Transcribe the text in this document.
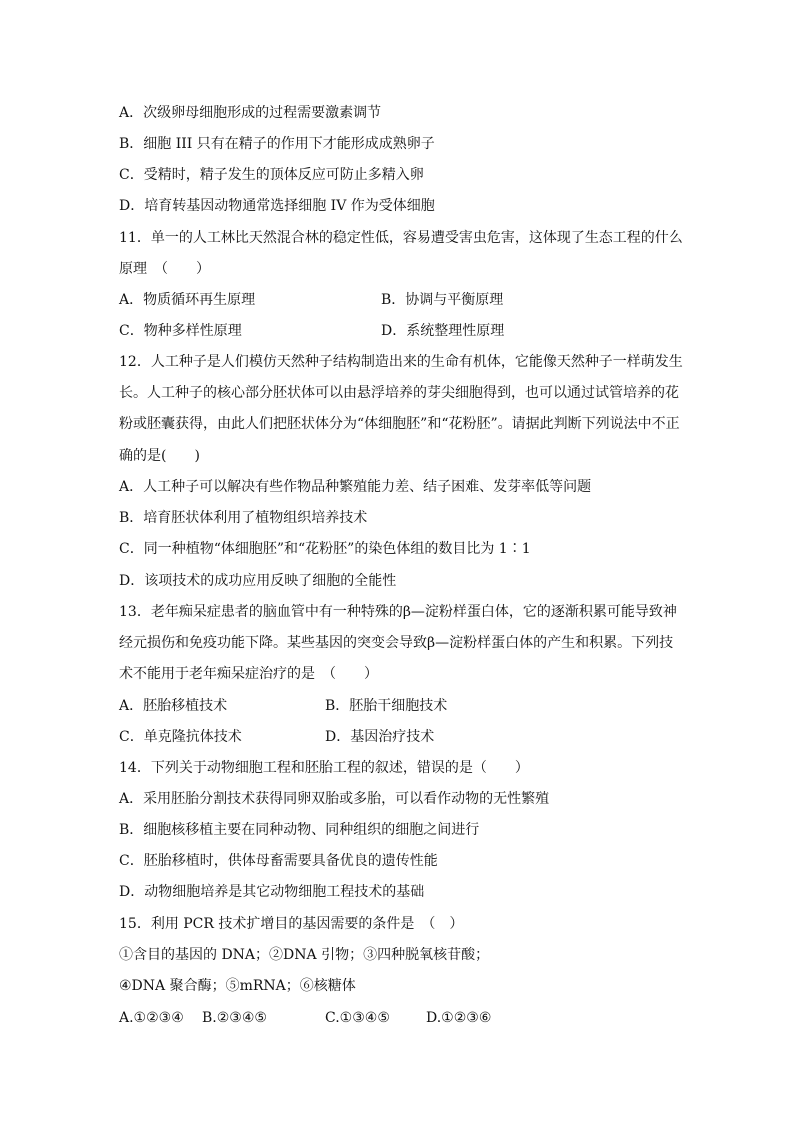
A．次级卵母细胞形成的过程需要激素调节
B．细胞 III 只有在精子的作用下才能形成成熟卵子
C．受精时，精子发生的顶体反应可防止多精入卵
D．培育转基因动物通常选择细胞 IV 作为受体细胞
11．单一的人工林比天然混合林的稳定性低，容易遭受害虫危害，这体现了生态工程的什么
原理　（　　）
A．物质循环再生原理	B．协调与平衡原理
C．物种多样性原理	D．系统整理性原理
12．人工种子是人们模仿天然种子结构制造出来的生命有机体，它能像天然种子一样萌发生
长。人工种子的核心部分胚状体可以由悬浮培养的芽尖细胞得到，也可以通过试管培养的花
粉或胚囊获得，由此人们把胚状体分为“体细胞胚”和“花粉胚”。请据此判断下列说法中不正
确的是(　　)
A．人工种子可以解决有些作物品种繁殖能力差、结子困难、发芽率低等问题
B．培育胚状体利用了植物组织培养技术
C．同一种植物“体细胞胚”和“花粉胚”的染色体组的数目比为 1∶1
D．该项技术的成功应用反映了细胞的全能性
13．老年痴呆症患者的脑血管中有一种特殊的β—淀粉样蛋白体，它的逐渐积累可能导致神
经元损伤和免疫功能下降。某些基因的突变会导致β—淀粉样蛋白体的产生和积累。下列技
术不能用于老年痴呆症治疗的是　（　　）
A．胚胎移植技术	B．胚胎干细胞技术
C．单克隆抗体技术	D．基因治疗技术
14．下列关于动物细胞工程和胚胎工程的叙述，错误的是（　　）
A．采用胚胎分割技术获得同卵双胎或多胎，可以看作动物的无性繁殖
B．细胞核移植主要在同种动物、同种组织的细胞之间进行
C．胚胎移植时，供体母畜需要具备优良的遗传性能
D．动物细胞培养是其它动物细胞工程技术的基础
15．利用 PCR 技术扩增目的基因需要的条件是　（　）
①含目的基因的 DNA；②DNA 引物；③四种脱氧核苷酸；
④DNA 聚合酶；⑤mRNA；⑥核糖体
A.①②③④ B.②③④⑤	C.①③④⑤	D.①②③⑥
